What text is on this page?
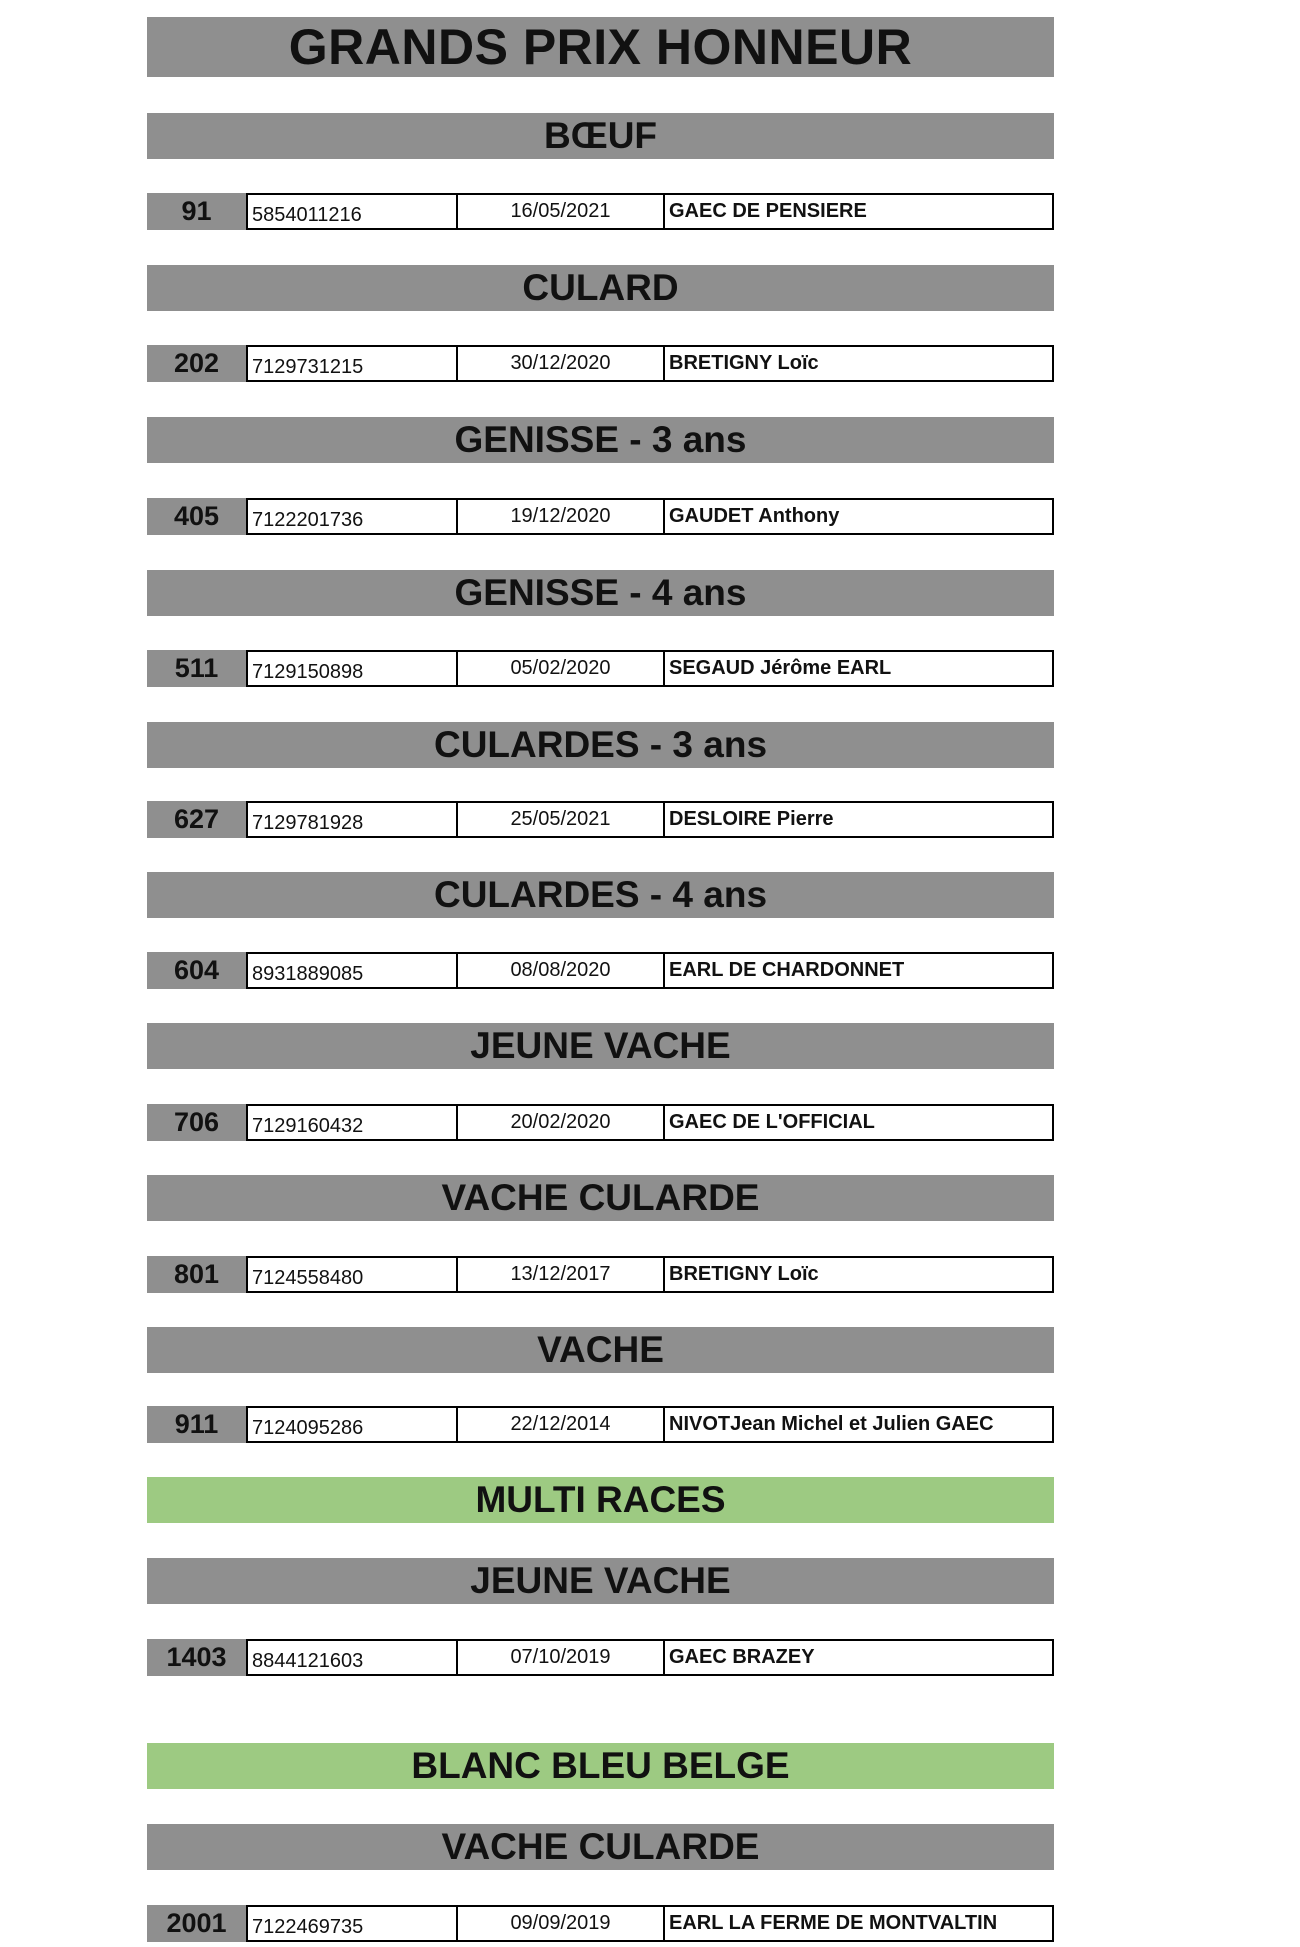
GRANDS PRIX HONNEUR
BŒUF
91	5854011216	16/05/2021	GAEC DE PENSIERE
CULARD
202	7129731215	30/12/2020	BRETIGNY Loïc
GENISSE - 3 ans
405	7122201736	19/12/2020	GAUDET Anthony
GENISSE - 4 ans
511	7129150898	05/02/2020	SEGAUD Jérôme EARL
CULARDES - 3 ans
627	7129781928	25/05/2021	DESLOIRE Pierre
CULARDES - 4 ans
604	8931889085	08/08/2020	EARL DE CHARDONNET
JEUNE VACHE
706	7129160432	20/02/2020	GAEC DE L'OFFICIAL
VACHE CULARDE
801	7124558480	13/12/2017	BRETIGNY Loïc
VACHE
911	7124095286	22/12/2014	NIVOTJean Michel et Julien GAEC
MULTI RACES
JEUNE VACHE
1403	8844121603	07/10/2019	GAEC BRAZEY
BLANC BLEU BELGE
VACHE CULARDE
2001	7122469735	09/09/2019	EARL LA FERME DE MONTVALTIN
